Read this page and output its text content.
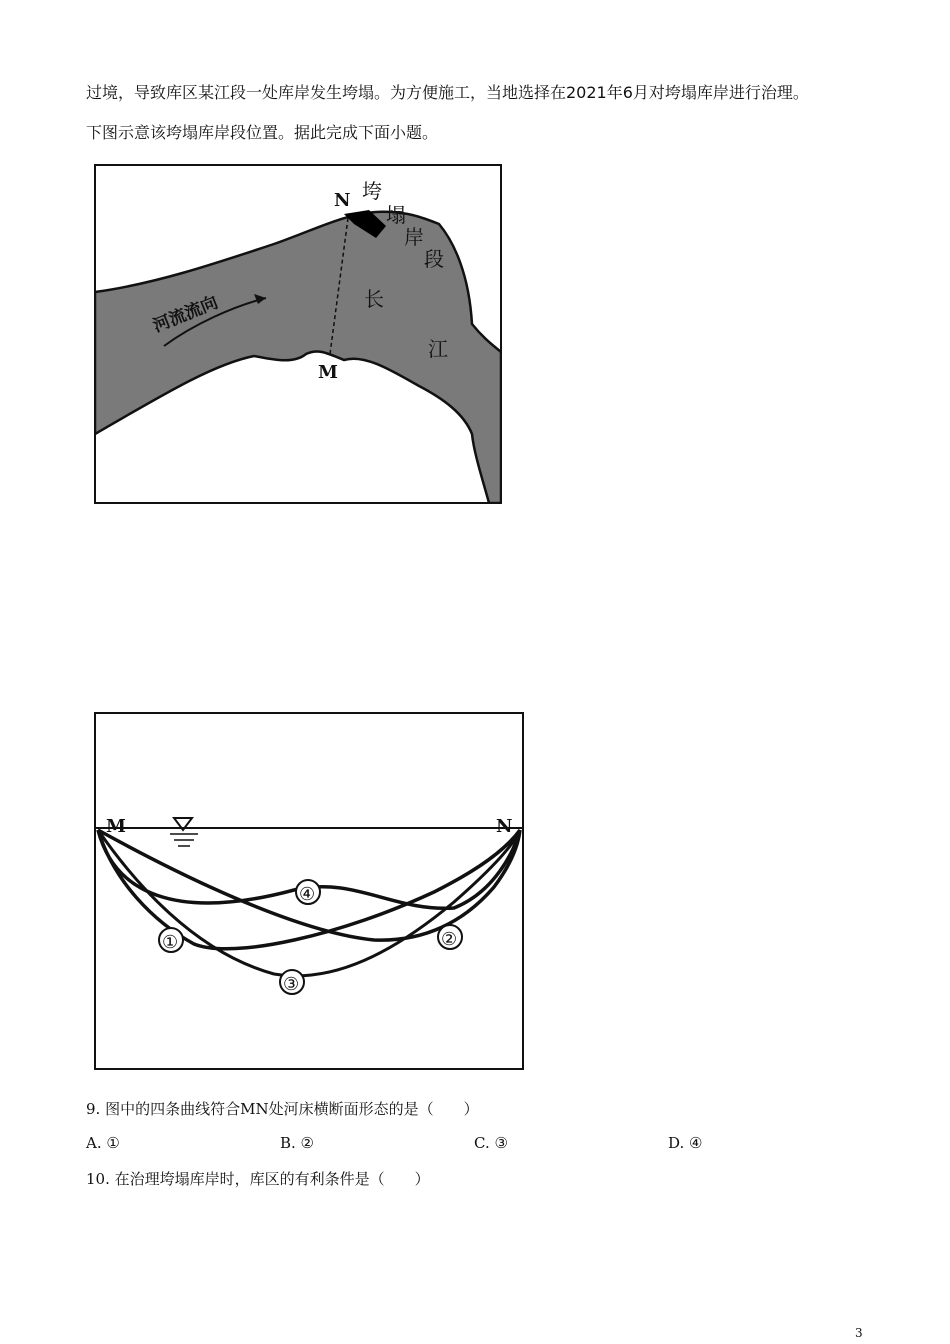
过境，导致库区某江段一处库岸发生垮塌。为方便施工，当地选择在2021年6月对垮塌库岸进行治理。
下图示意该垮塌库岸段位置。据此完成下面小题。
N
M
垮
塌
岸
段
河流流向	长
江
M	N
①	②
③
④
9. 图中的四条曲线符合MN处河床横断面形态的是（　　）
A. ①	B. ②	C. ③	D. ④
10. 在治理垮塌库岸时，库区的有利条件是（　　）
3
